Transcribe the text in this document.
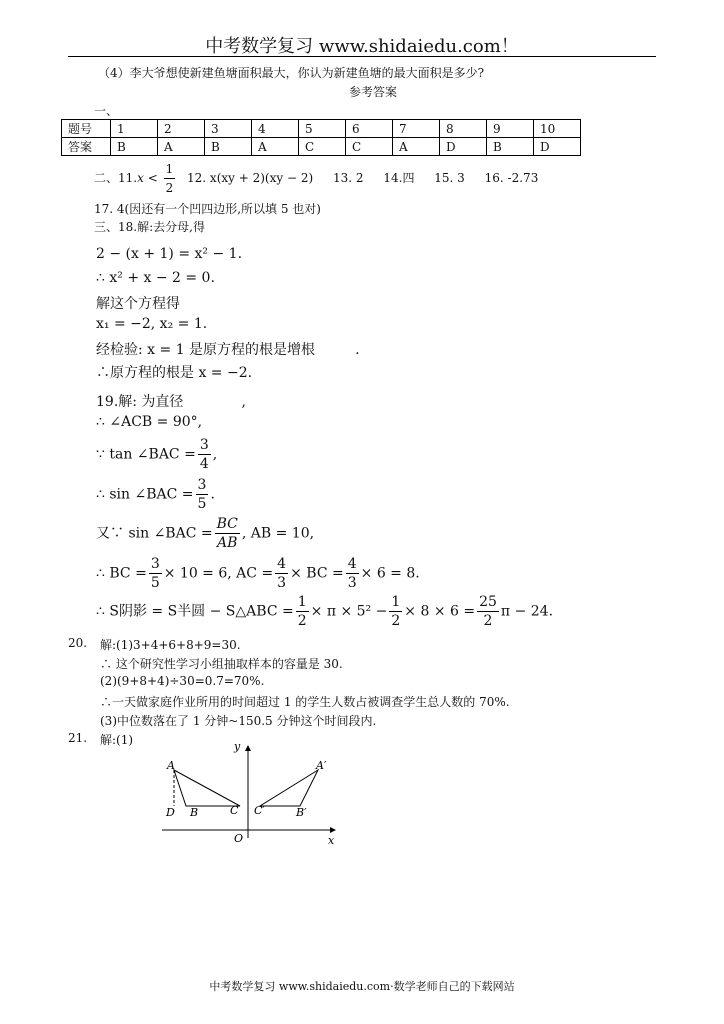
中考数学复习 www.shidaiedu.com！
（4）李大爷想使新建鱼塘面积最大，你认为新建鱼塘的最大面积是多少?
参考答案
一、
题号	1	2	3	4	5	6	7	8	9	10
答案	B	A	B	A	C	C	A	D	B	D
二、$11.x < \frac{1}{2} 12$. x(xy + 2)(xy − 2) 13. 2 14.四 15. 3 16. -2.73
17. 4(因还有一个凹四边形,所以填 5 也对)
三、18.解:去分母,得
2 − (x + 1) = x² − 1.
∴ x² + x − 2 = 0.
解这个方程得
x₁ = −2, x₂ = 1.
经检验: x = 1 是原方程的根是增根	.
∴原方程的根是 x = −2.
19.解: 为直径	,
∴ ∠ACB = 90°,
∵ tan ∠BAC = $\frac{3}{4}$ ,
∴ sin ∠BAC = $\frac{3}{5}$ .
又∵ sin ∠BAC = $\frac{BC}{AB}$ , AB = 10,
∴ BC = $\frac{3}{5} \times 10 = 6$, AC = $\frac{4}{3}$ × BC = $\frac{4}{3} \times 6 = 8$.
∴ S阴影 = S半圆 − S△ABC = $\frac{1}{2} \times \pi \times 5^2 - \frac{1}{2} \times 8 \times 6 = \frac{25}{2}$ π − 24.
20. 解:(1)3+4+6+8+9=30.
∴ 这个研究性学习小组抽取样本的容量是 30.
(2)(9+8+4)÷30=0.7=70%.
∴一天做家庭作业所用的时间超过 1 的学生人数占被调查学生总人数的 70%.
(3)中位数落在了 1 分钟~150.5 分钟这个时间段内.
21. 解:(1)	y
x
O
A
D B	C
A′
C′	B′
中考数学复习 www.shidaiedu.com·数学老师自己的下载网站
